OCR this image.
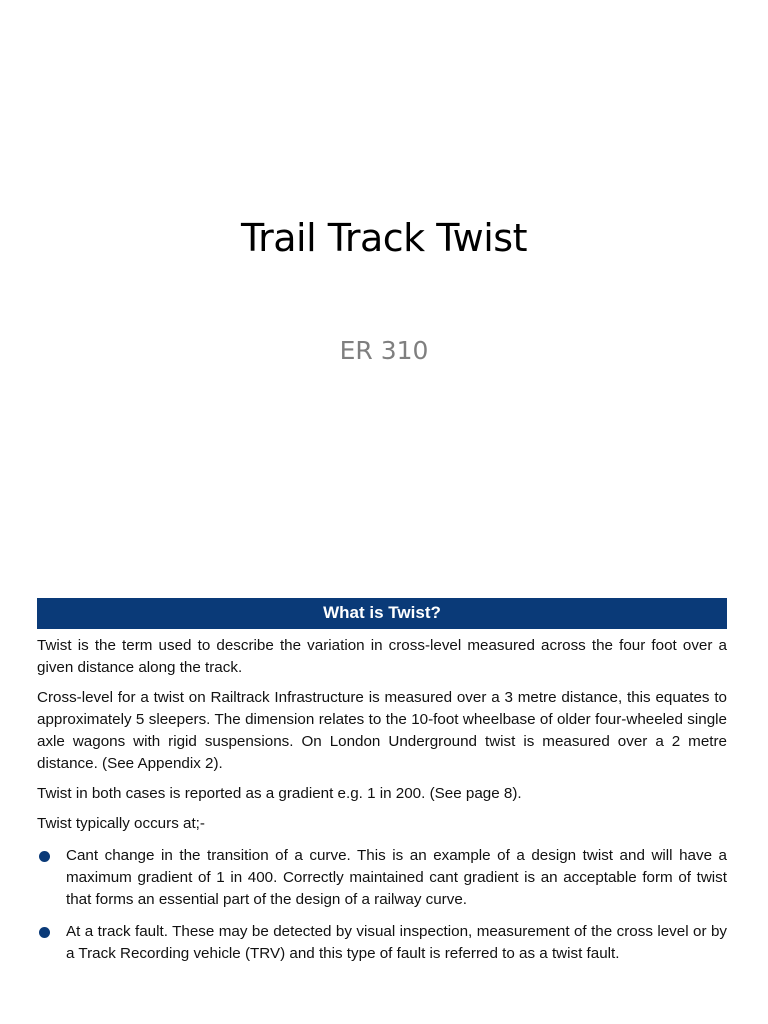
Trail Track Twist
ER 310
What is Twist?

Twist is the term used to describe the variation in cross-level measured across the four foot over a given distance along the track.

Cross-level for a twist on Railtrack Infrastructure is measured over a 3 metre distance, this equates to approximately 5 sleepers. The dimension relates to the 10-foot wheelbase of older four-wheeled single axle wagons with rigid suspensions. On London Underground twist is measured over a 2 metre distance. (See Appendix 2).

Twist in both cases is reported as a gradient e.g. 1 in 200. (See page 8).

Twist typically occurs at;-

Cant change in the transition of a curve. This is an example of a design twist and will have a maximum gradient of 1 in 400. Correctly maintained cant gradient is an acceptable form of twist that forms an essential part of the design of a railway curve.
At a track fault. These may be detected by visual inspection, measurement of the cross level or by a Track Recording vehicle (TRV) and this type of fault is referred to as a twist fault.
